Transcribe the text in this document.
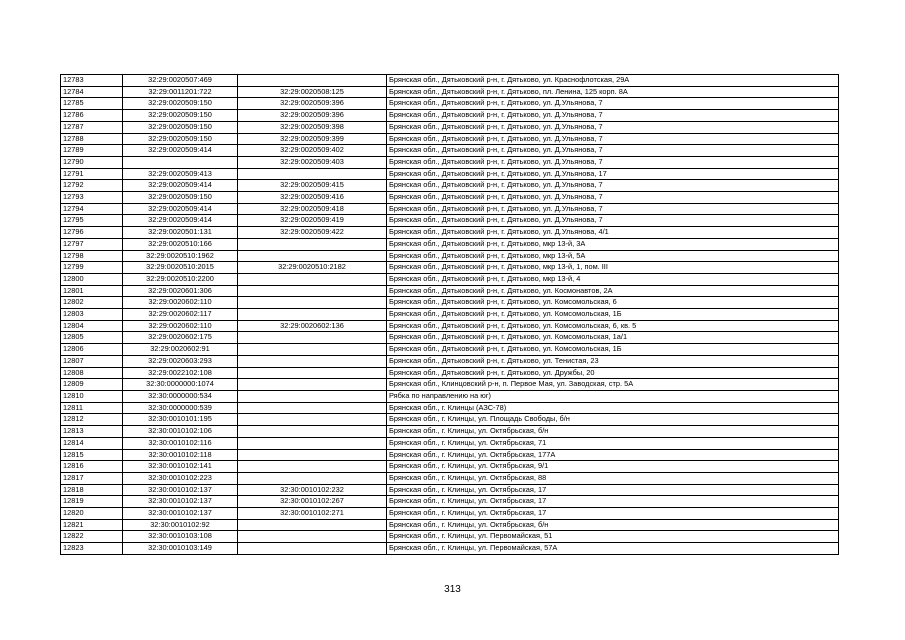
12783	32:29:0020507:469		Брянская обл., Дятьковский р-н, г. Дятьково, ул. Краснофлотская, 29А
12784	32:29:0011201:722	32:29:0020508:125	Брянская обл., Дятьковский р-н, г. Дятьково, пл. Ленина, 125 корп. 8А
12785	32:29:0020509:150	32:29:0020509:396	Брянская обл., Дятьковский р-н, г. Дятьково, ул. Д.Ульянова, 7
12786	32:29:0020509:150	32:29:0020509:396	Брянская обл., Дятьковский р-н, г. Дятьково, ул. Д.Ульянова, 7
12787	32:29:0020509:150	32:29:0020509:398	Брянская обл., Дятьковский р-н, г. Дятьково, ул. Д.Ульянова, 7
12788	32:29:0020509:150	32:29:0020509:399	Брянская обл., Дятьковский р-н, г. Дятьково, ул. Д.Ульянова, 7
12789	32:29:0020509:414	32:29:0020509:402	Брянская обл., Дятьковский р-н, г. Дятьково, ул. Д.Ульянова, 7
12790		32:29:0020509:403	Брянская обл., Дятьковский р-н, г. Дятьково, ул. Д.Ульянова, 7
12791	32:29:0020509:413		Брянская обл., Дятьковский р-н, г. Дятьково, ул. Д.Ульянова, 17
12792	32:29:0020509:414	32:29:0020509:415	Брянская обл., Дятьковский р-н, г. Дятьково, ул. Д.Ульянова, 7
12793	32:29:0020509:150	32:29:0020509:416	Брянская обл., Дятьковский р-н, г. Дятьково, ул. Д.Ульянова, 7
12794	32:29:0020509:414	32:29:0020509:418	Брянская обл., Дятьковский р-н, г. Дятьково, ул. Д.Ульянова, 7
12795	32:29:0020509:414	32:29:0020509:419	Брянская обл., Дятьковский р-н, г. Дятьково, ул. Д.Ульянова, 7
12796	32:29:0020501:131	32:29:0020509:422	Брянская обл., Дятьковский р-н, г. Дятьково, ул. Д.Ульянова, 4/1
12797	32:29:0020510:166		Брянская обл., Дятьковский р-н, г. Дятьково, мкр 13-й, 3А
12798	32:29:0020510:1962		Брянская обл., Дятьковский р-н, г. Дятьково, мкр 13-й, 5А
12799	32:29:0020510:2015	32:29:0020510:2182	Брянская обл., Дятьковский р-н, г. Дятьково, мкр 13-й, 1, пом. III
12800	32:29:0020510:2200		Брянская обл., Дятьковский р-н, г. Дятьково, мкр 13-й, 4
12801	32:29:0020601:306		Брянская обл., Дятьковский р-н, г. Дятьково, ул. Космонавтов, 2А
12802	32:29:0020602:110		Брянская обл., Дятьковский р-н, г. Дятьково, ул. Комсомольская, 6
12803	32:29:0020602:117		Брянская обл., Дятьковский р-н, г. Дятьково, ул. Комсомольская, 1Б
12804	32:29:0020602:110	32:29:0020602:136	Брянская обл., Дятьковский р-н, г. Дятьково, ул. Комсомольская, 6, кв. 5
12805	32:29:0020602:175		Брянская обл., Дятьковский р-н, г. Дятьково, ул. Комсомольская, 1а/1
12806	32:29:0020602:91		Брянская обл., Дятьковский р-н, г. Дятьково, ул. Комсомольская, 1Б
12807	32:29:0020603:293		Брянская обл., Дятьковский р-н, г. Дятьково, ул. Тенистая, 23
12808	32:29:0022102:108		Брянская обл., Дятьковский р-н, г. Дятьково, ул. Дружбы, 20
12809	32:30:0000000:1074		Брянская обл., Клинцовский р-н, п. Первое Мая, ул. Заводская, стр. 5А
12810	32:30:0000000:534		Рябка по направлению на юг)
12811	32:30:0000000:539		Брянская обл., г. Клинцы (АЗС-78)
12812	32:30:0010101:195		Брянская обл., г. Клинцы, ул. Площадь Свободы, б/н
12813	32:30:0010102:106		Брянская обл., г. Клинцы, ул. Октябрьская, б/н
12814	32:30:0010102:116		Брянская обл., г. Клинцы, ул. Октябрьская, 71
12815	32:30:0010102:118		Брянская обл., г. Клинцы, ул. Октябрьская, 177А
12816	32:30:0010102:141		Брянская обл., г. Клинцы, ул. Октябрьская, 9/1
12817	32:30:0010102:223		Брянская обл., г. Клинцы, ул. Октябрьская, 88
12818	32:30:0010102:137	32:30:0010102:232	Брянская обл., г. Клинцы, ул. Октябрьская, 17
12819	32:30:0010102:137	32:30:0010102:267	Брянская обл., г. Клинцы, ул. Октябрьская, 17
12820	32:30:0010102:137	32:30:0010102:271	Брянская обл., г. Клинцы, ул. Октябрьская, 17
12821	32:30:0010102:92		Брянская обл., г. Клинцы, ул. Октябрьская, б/н
12822	32:30:0010103:108		Брянская обл., г. Клинцы, ул. Первомайская, 51
12823	32:30:0010103:149		Брянская обл., г. Клинцы, ул. Первомайская, 57А
313
